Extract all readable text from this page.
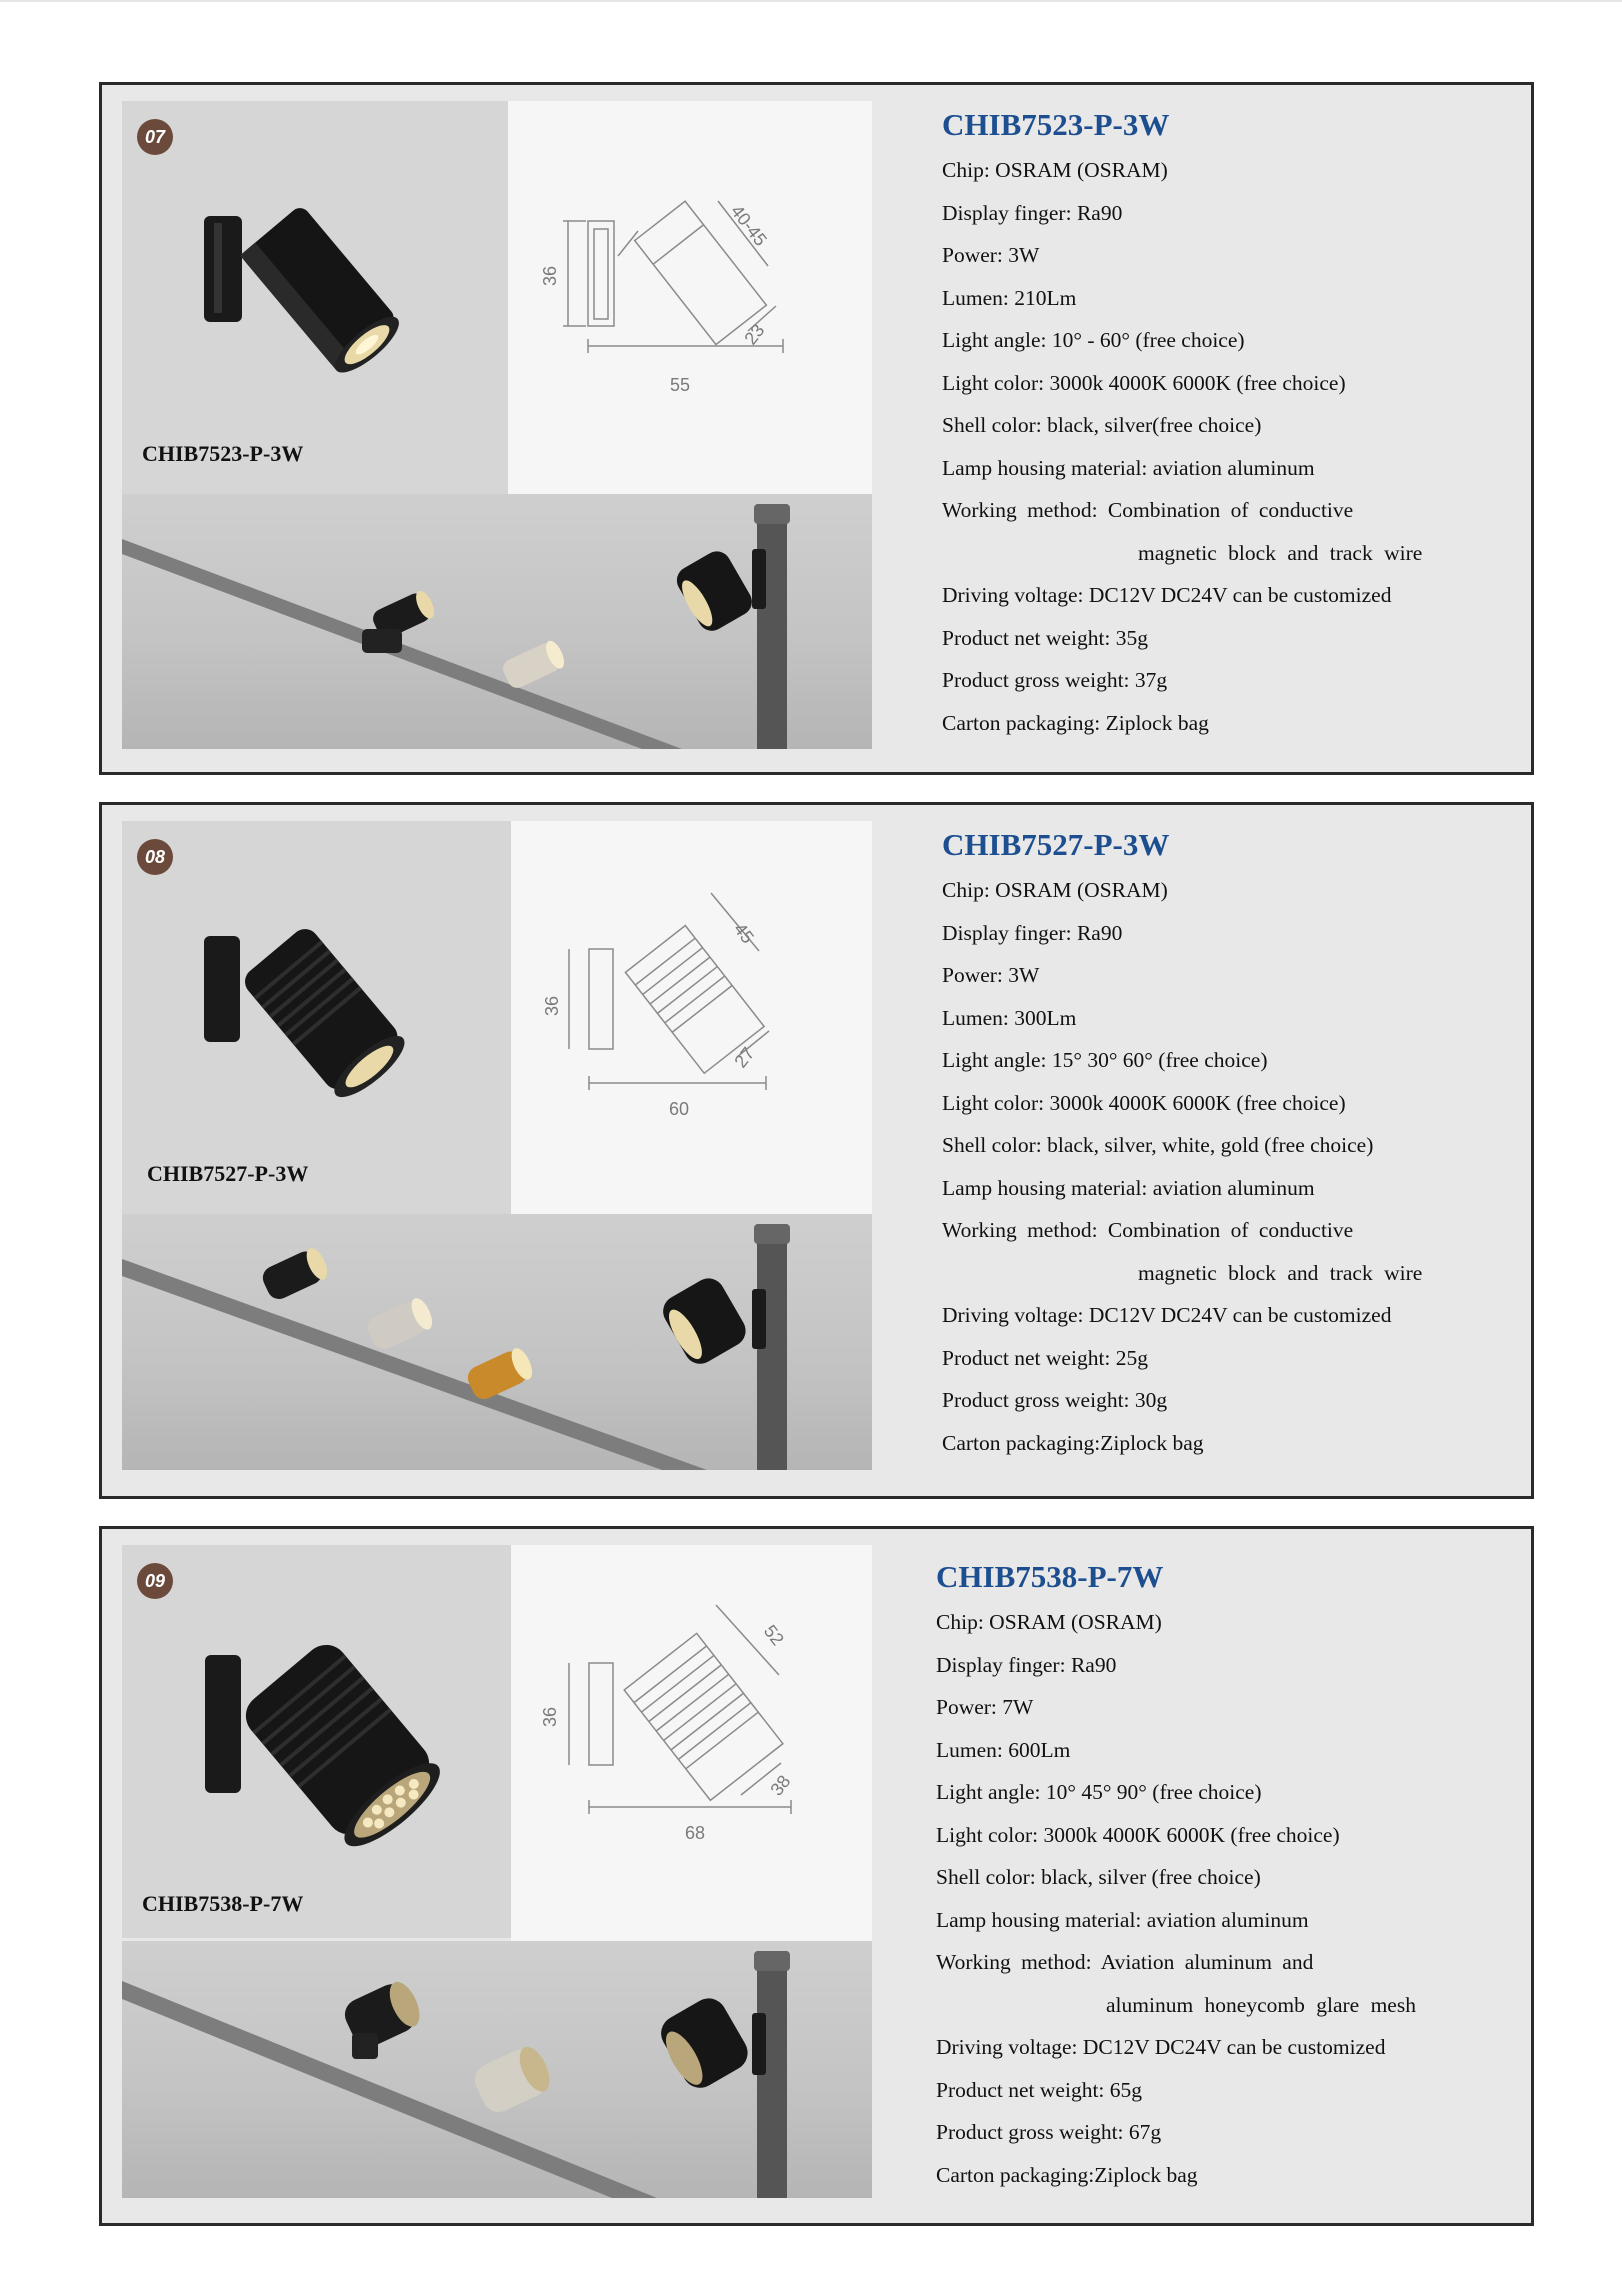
07
CHIB7523-P-3W
36
55
40-45
23
CHIB7523-P-3W
Chip: OSRAM (OSRAM)
Display finger: Ra90
Power: 3W
Lumen: 210Lm
Light angle: 10° - 60° (free choice)
Light color: 3000k 4000K 6000K (free choice)
Shell color: black, silver(free choice)
Lamp housing material: aviation aluminum
Working method: Combination of conductive
magnetic block and track wire
Driving voltage: DC12V DC24V can be customized
Product net weight: 35g
Product gross weight: 37g
Carton packaging: Ziplock bag
08
CHIB7527-P-3W
36
60
45
27
CHIB7527-P-3W
Chip: OSRAM (OSRAM)
Display finger: Ra90
Power: 3W
Lumen: 300Lm
Light angle: 15° 30° 60° (free choice)
Light color: 3000k 4000K 6000K (free choice)
Shell color: black, silver, white, gold (free choice)
Lamp housing material: aviation aluminum
Working method: Combination of conductive
magnetic block and track wire
Driving voltage: DC12V DC24V can be customized
Product net weight: 25g
Product gross weight: 30g
Carton packaging:Ziplock bag
09
CHIB7538-P-7W
36
68
52
38
CHIB7538-P-7W
Chip: OSRAM (OSRAM)
Display finger: Ra90
Power: 7W
Lumen: 600Lm
Light angle: 10° 45° 90° (free choice)
Light color: 3000k 4000K 6000K (free choice)
Shell color: black, silver (free choice)
Lamp housing material: aviation aluminum
Working method: Aviation aluminum and
aluminum honeycomb glare mesh
Driving voltage: DC12V DC24V can be customized
Product net weight: 65g
Product gross weight: 67g
Carton packaging:Ziplock bag
